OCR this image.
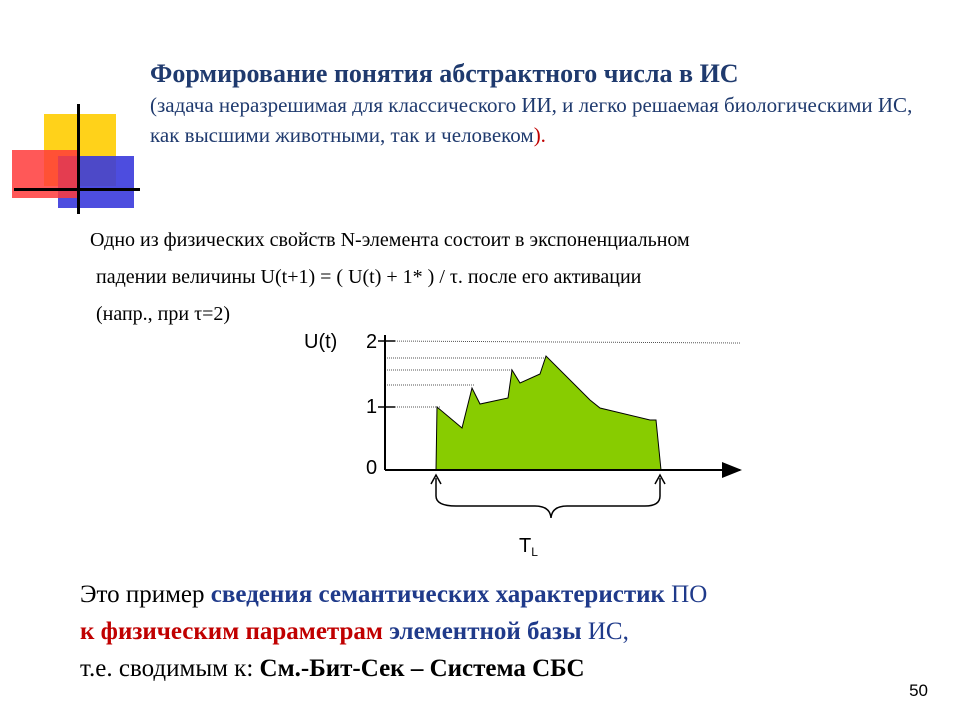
Формирование понятия абстрактного числа в ИС
(задача неразрешимая для классического ИИ, и легко решаемая биологическими ИС, как высшими животными, так и человеком).
Одно из физических свойств N-элемента состоит в экспоненциальном
падении величины U(t+1) = ( U(t) + 1* ) / τ. после его активации
(напр., при τ=2)
U(t) 2
1
0
$T_L$
Это пример сведения семантических характеристик ПО
к физическим параметрам элементной базы ИС,
т.е. сводимым к: См.-Бит-Сек – Система СБС
50
